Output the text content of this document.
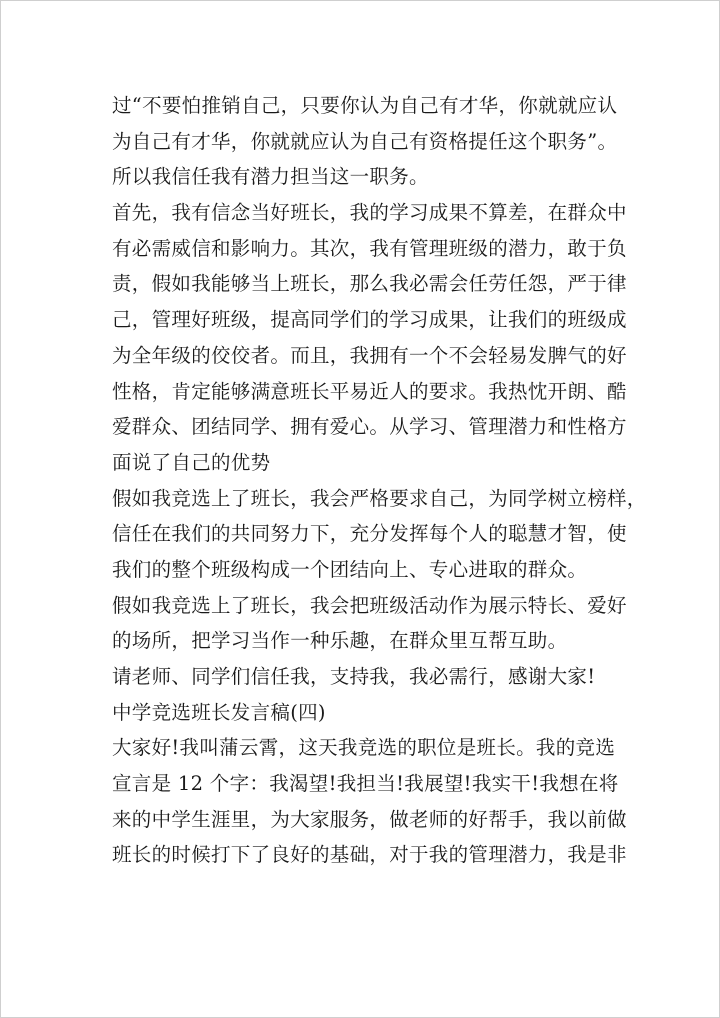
过“不要怕推销自己，只要你认为自己有才华，你就就应认
为自己有才华，你就就应认为自己有资格提任这个职务”。
所以我信任我有潜力担当这一职务。
首先，我有信念当好班长，我的学习成果不算差，在群众中
有必需威信和影响力。其次，我有管理班级的潜力，敢于负
责，假如我能够当上班长，那么我必需会任劳任怨，严于律
己，管理好班级，提高同学们的学习成果，让我们的班级成
为全年级的佼佼者。而且，我拥有一个不会轻易发脾气的好
性格，肯定能够满意班长平易近人的要求。我热忱开朗、酷
爱群众、团结同学、拥有爱心。从学习、管理潜力和性格方
面说了自己的优势
假如我竞选上了班长，我会严格要求自己，为同学树立榜样，
信任在我们的共同努力下，充分发挥每个人的聪慧才智，使
我们的整个班级构成一个团结向上、专心进取的群众。
假如我竞选上了班长，我会把班级活动作为展示特长、爱好
的场所，把学习当作一种乐趣，在群众里互帮互助。
请老师、同学们信任我，支持我，我必需行，感谢大家!
中学竞选班长发言稿(四)
大家好!我叫蒲云霄，这天我竞选的职位是班长。我的竞选
宣言是 12 个字：我渴望!我担当!我展望!我实干!我想在将
来的中学生涯里，为大家服务，做老师的好帮手，我以前做
班长的时候打下了良好的基础，对于我的管理潜力，我是非
